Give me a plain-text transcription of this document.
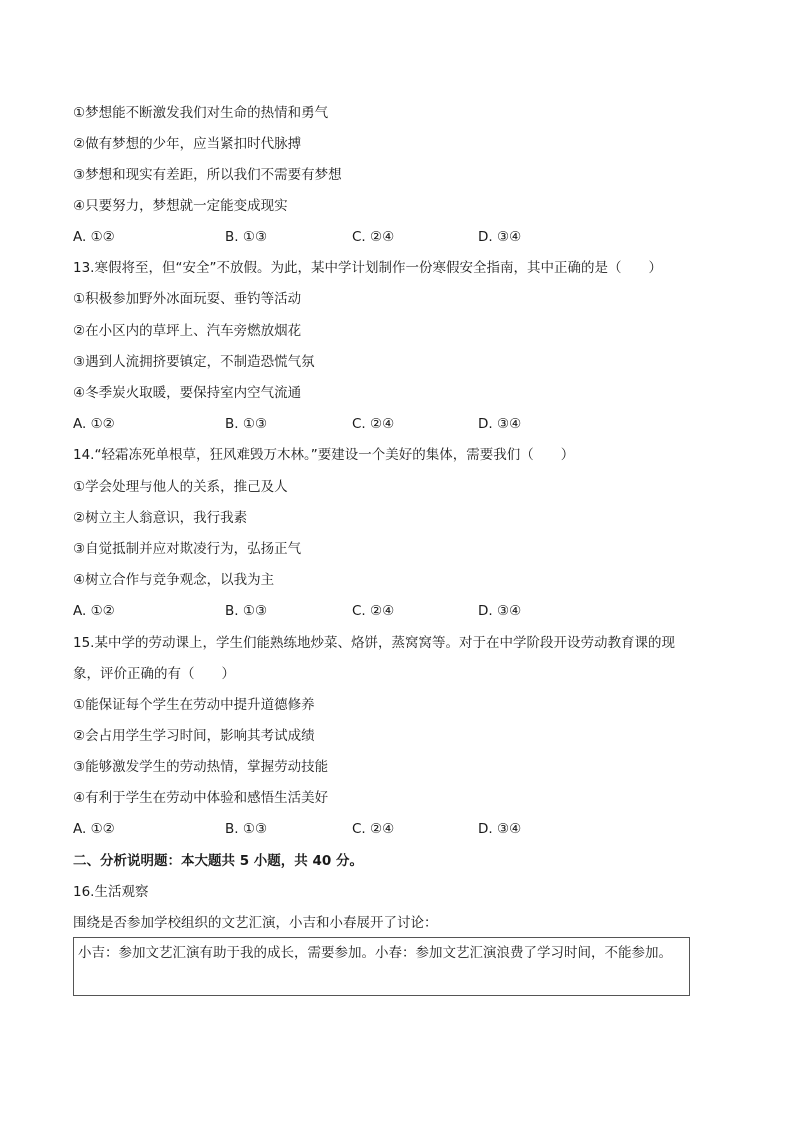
①梦想能不断激发我们对生命的热情和勇气
②做有梦想的少年，应当紧扣时代脉搏
③梦想和现实有差距，所以我们不需要有梦想
④只要努力，梦想就一定能变成现实
A. ①②	B. ①③	C. ②④	D. ③④
13.寒假将至，但“安全”不放假。为此，某中学计划制作一份寒假安全指南，其中正确的是（　　）
①积极参加野外冰面玩耍、垂钓等活动
②在小区内的草坪上、汽车旁燃放烟花
③遇到人流拥挤要镇定，不制造恐慌气氛
④冬季炭火取暖，要保持室内空气流通
A. ①②	B. ①③	C. ②④	D. ③④
14.“轻霜冻死单根草，狂风难毁万木林。”要建设一个美好的集体，需要我们（　　）
①学会处理与他人的关系，推己及人
②树立主人翁意识，我行我素
③自觉抵制并应对欺凌行为，弘扬正气
④树立合作与竞争观念，以我为主
A. ①②	B. ①③	C. ②④	D. ③④
15.某中学的劳动课上，学生们能熟练地炒菜、烙饼，蒸窝窝等。对于在中学阶段开设劳动教育课的现
象，评价正确的有（　　）
①能保证每个学生在劳动中提升道德修养
②会占用学生学习时间，影响其考试成绩
③能够激发学生的劳动热情，掌握劳动技能
④有利于学生在劳动中体验和感悟生活美好
A. ①②	B. ①③	C. ②④	D. ③④
二、分析说明题：本大题共 5 小题，共 40 分。
16.生活观察
围绕是否参加学校组织的文艺汇演，小吉和小春展开了讨论：
小吉：参加文艺汇演有助于我的成长，需要参加。小春：参加文艺汇演浪费了学习时间，不能参加。
